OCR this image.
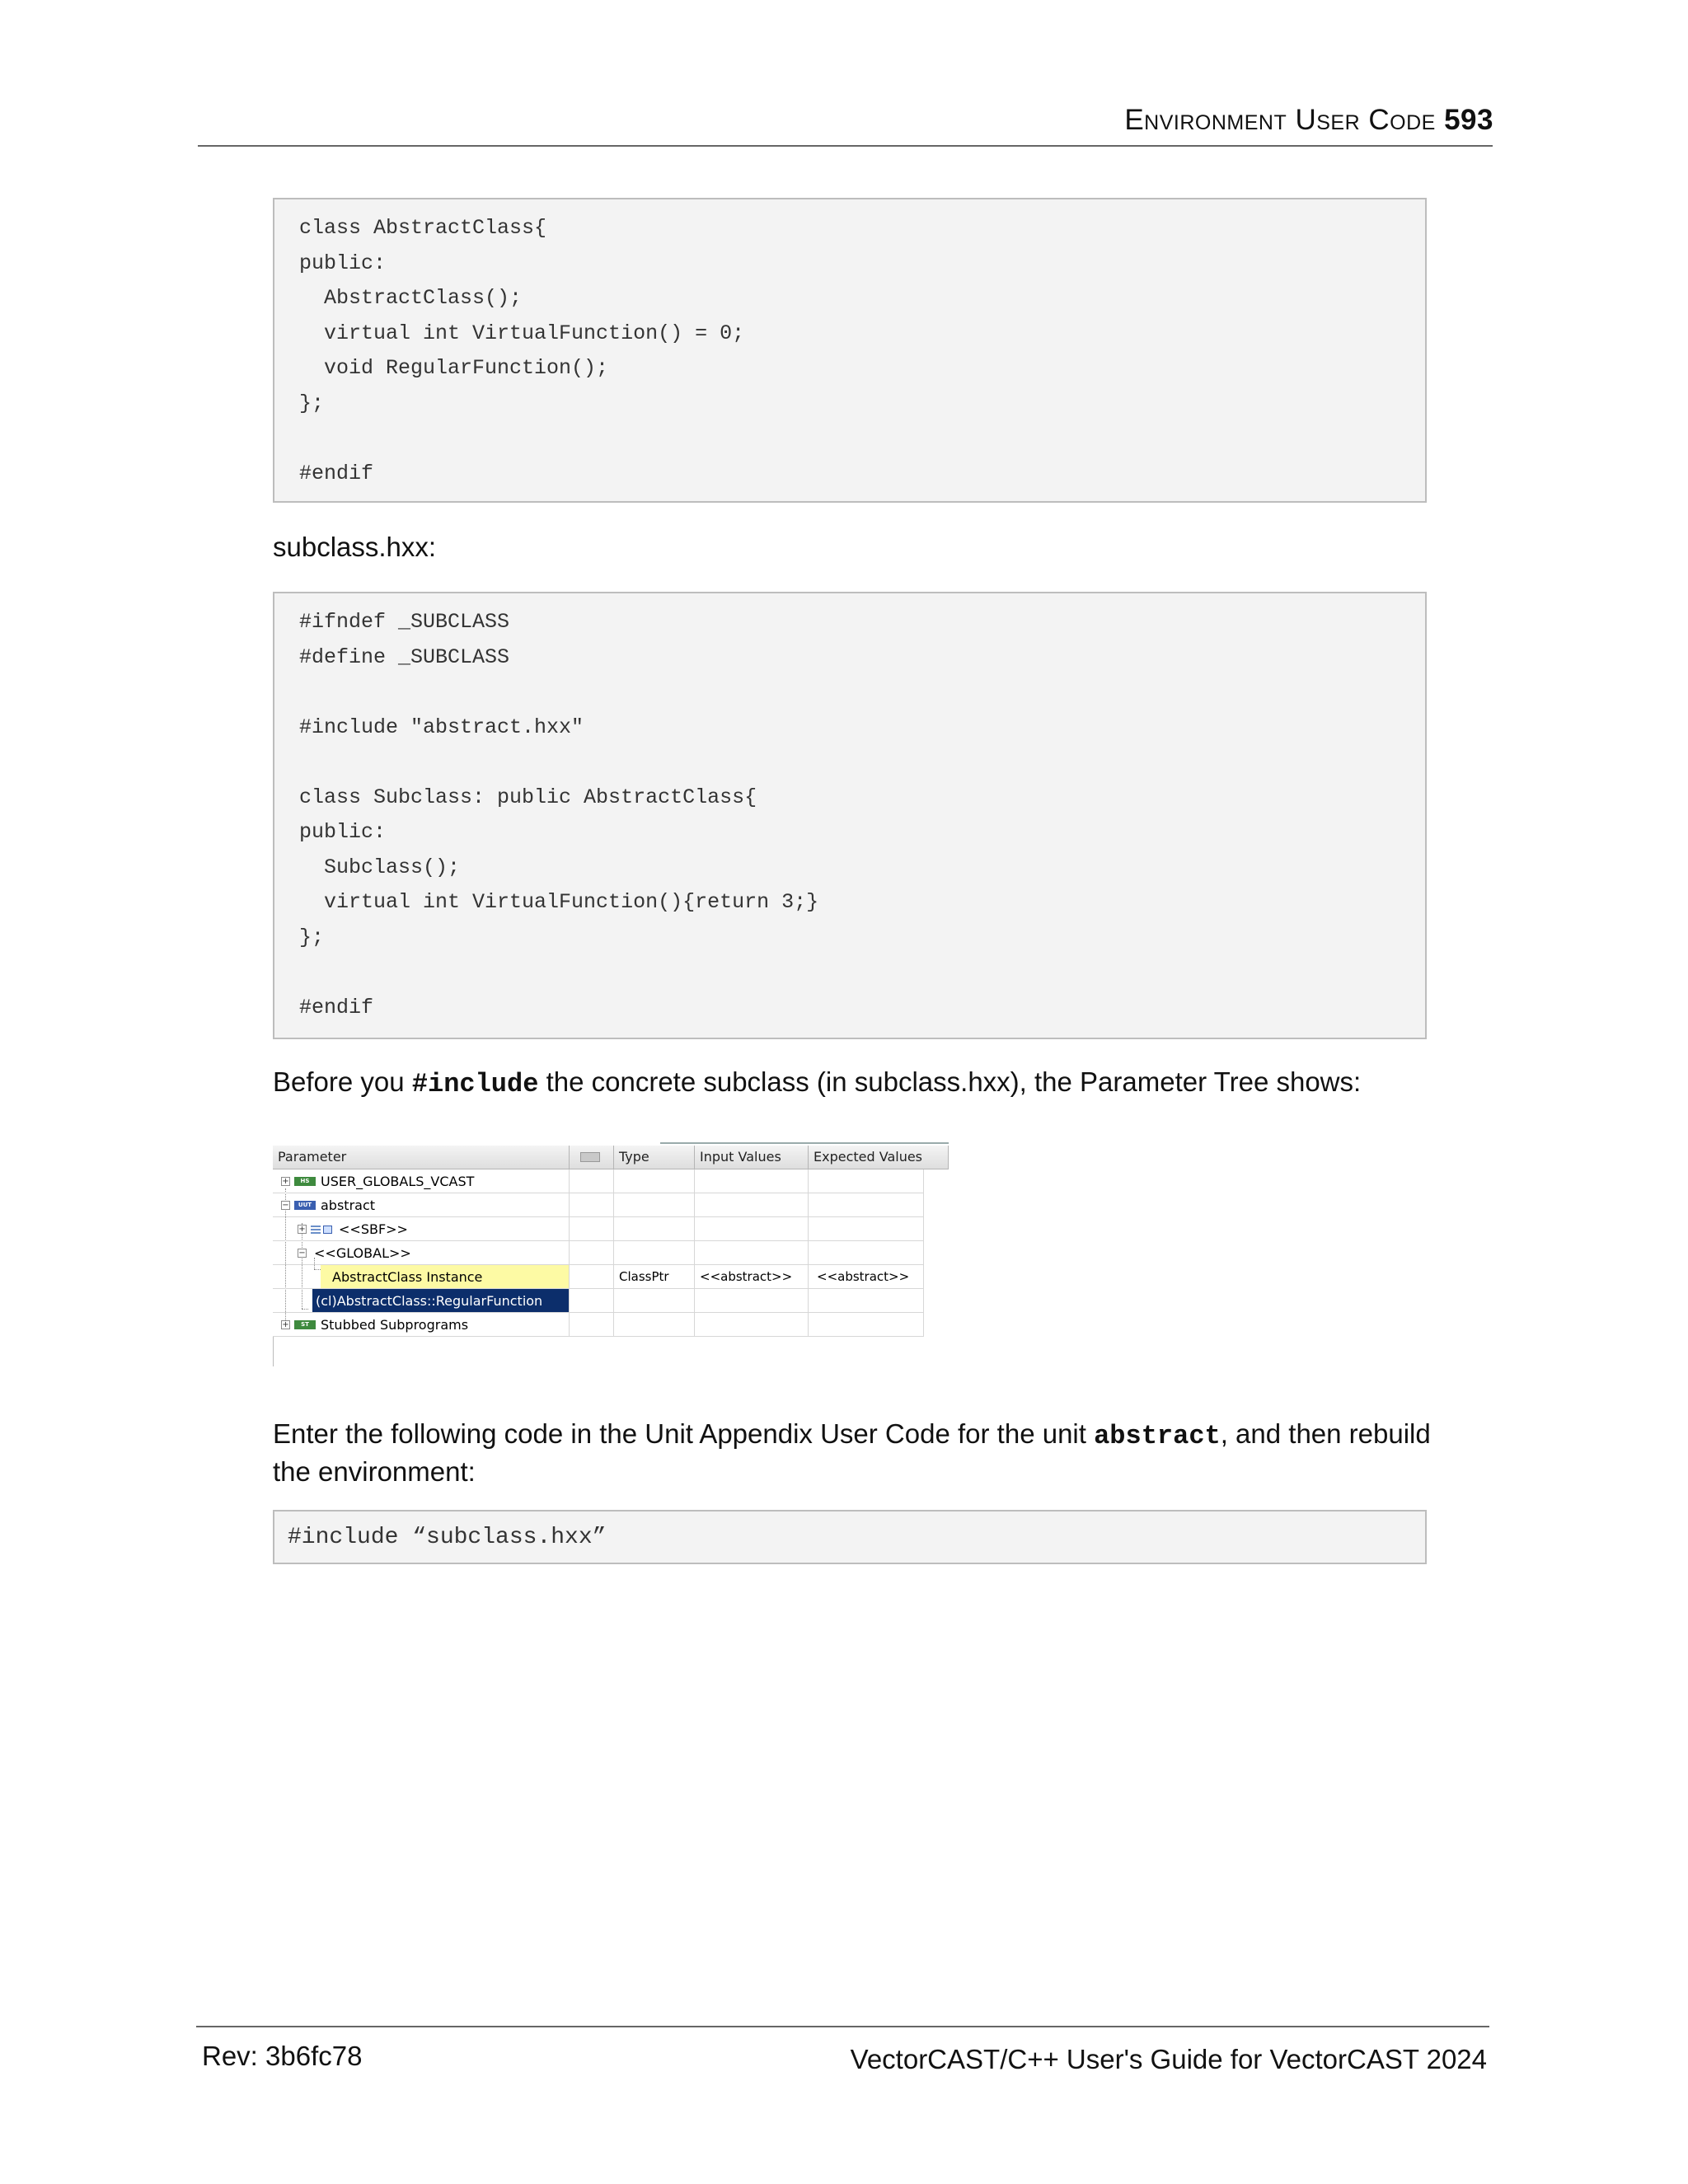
Environment User Code 593
class AbstractClass{
public:
AbstractClass();
virtual int VirtualFunction() = 0;
void RegularFunction();
};

#endif
subclass.hxx:
#ifndef _SUBCLASS
#define _SUBCLASS

#include "abstract.hxx"

class Subclass: public AbstractClass{
public:
Subclass();
virtual int VirtualFunction(){return 3;}
};

#endif
Before you #include the concrete subclass (in subclass.hxx), the Parameter Tree shows:
Parameter	Type	Input Values	Expected Values
+	HS USER_GLOBALS_VCAST
−	UUT abstract
+	<<SBF>>
− <<GLOBAL>>
AbstractClass Instance	ClassPtr <<abstract>> <<abstract>>
(cl)AbstractClass::RegularFunction
+	ST Stubbed Subprograms
Enter the following code in the Unit Appendix User Code for the unit abstract, and then rebuild the environment:
#include “subclass.hxx”
Rev: 3b6fc78	VectorCAST/C++ User's Guide for VectorCAST 2024
